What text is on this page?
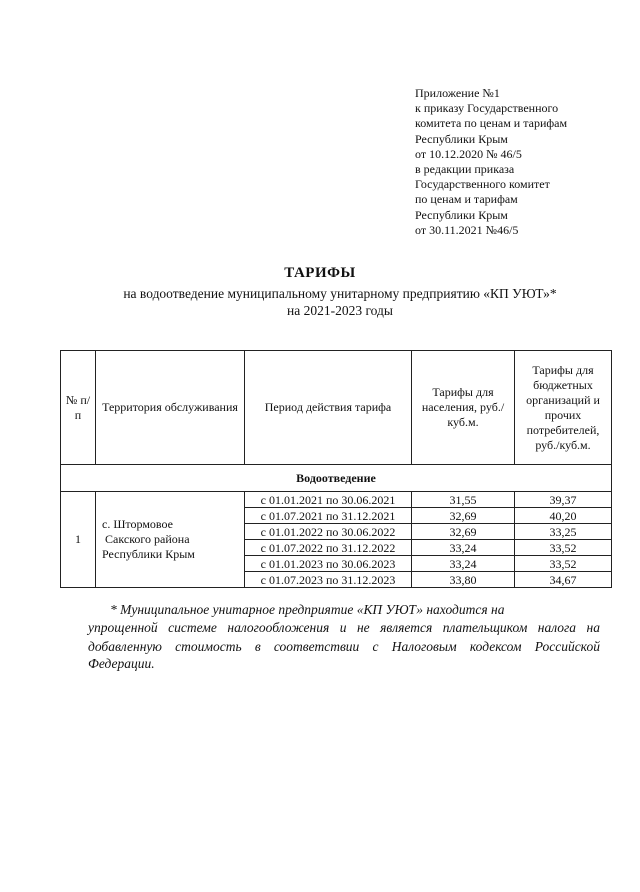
Приложение №1
к приказу Государственного
комитета по ценам и тарифам
Республики Крым
от 10.12.2020 № 46/5
в редакции приказа
Государственного комитет
по ценам и тарифам
Республики Крым
от 30.11.2021 №46/5
ТАРИФЫ
на водоотведение муниципальному унитарному предприятию «КП УЮТ»*
на 2021-2023 годы
№ п/п	Территория обслуживания	Период действия тарифа	Тарифы для населения, руб./куб.м.	Тарифы для бюджетных организаций и прочих потребителей, руб./куб.м.
Водоотведение				
1	с. Штормовое
Сакского района
Республики Крым	с 01.01.2021 по 30.06.2021	31,55	39,37
		с 01.07.2021 по 31.12.2021	32,69	40,20
		с 01.01.2022 по 30.06.2022	32,69	33,25
		с 01.07.2022 по 31.12.2022	33,24	33,52
		с 01.01.2023 по 30.06.2023	33,24	33,52
		с 01.07.2023 по 31.12.2023	33,80	34,67
* Муниципальное унитарное предприятие «КП УЮТ» находится на
упрощенной системе налогообложения и не является плательщиком налога на добавленную стоимость в соответствии с Налоговым кодексом Российской
Федерации.
